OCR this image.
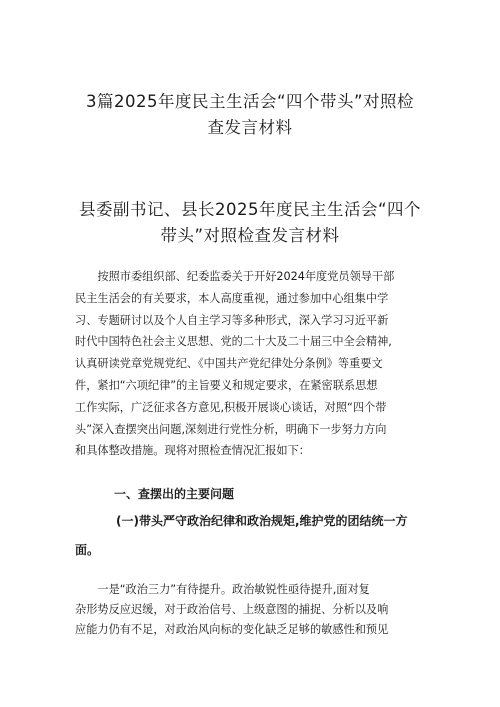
3篇2025年度民主生活会“四个带头”对照检
查发言材料
县委副书记、县长2025年度民主生活会“四个
带头”对照检查发言材料
　　按照市委组织部、纪委监委关于开好2024年度党员领导干部
民主生活会的有关要求，本人高度重视，通过参加中心组集中学
习、专题研讨以及个人自主学习等多种形式，深入学习习近平新
时代中国特色社会主义思想、党的二十大及二十届三中全会精神,
认真研读党章党规党纪、《中国共产党纪律处分条例》等重要文
件，紧扣“六项纪律”的主旨要义和规定要求，在紧密联系思想
工作实际，广泛征求各方意见,积极开展谈心谈话，对照“四个带
头”深入查摆突出问题,深刻进行党性分析，明确下一步努力方向
和具体整改措施。现将对照检查情况汇报如下：
一、查摆出的主要问题
(一)带头严守政治纪律和政治规矩,维护党的团结统一方
面。
　　一是“政治三力”有待提升。政治敏锐性亟待提升,面对复
杂形势反应迟缓，对于政治信号、上级意图的捕捉、分析以及响
应能力仍有不足，对政治风向标的变化缺乏足够的敏感性和预见
